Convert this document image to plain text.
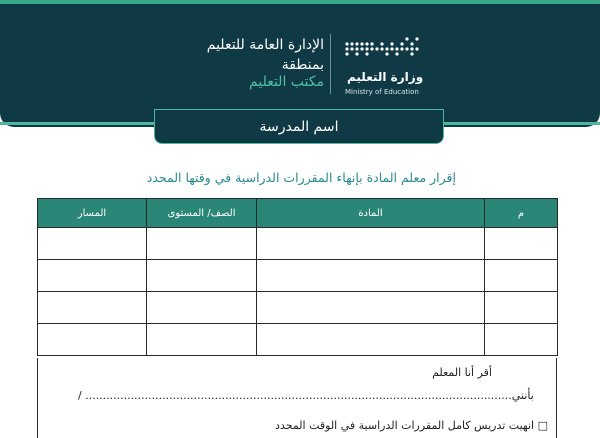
وزارة التعليم
Ministry of Education
الإدارة العامة للتعليم
بمنطقة
مكتب التعليم
اسم المدرسة
إقرار معلم المادة بإنهاء المقررات الدراسية في وقتها المحدد
المسار	الصف/ المستوى	المادة	م

أقر أنا المعلم
/ ..........................................................................................................................بأنني
□ انهيت تدريس كامل المقررات الدراسية في الوقت المحدد
